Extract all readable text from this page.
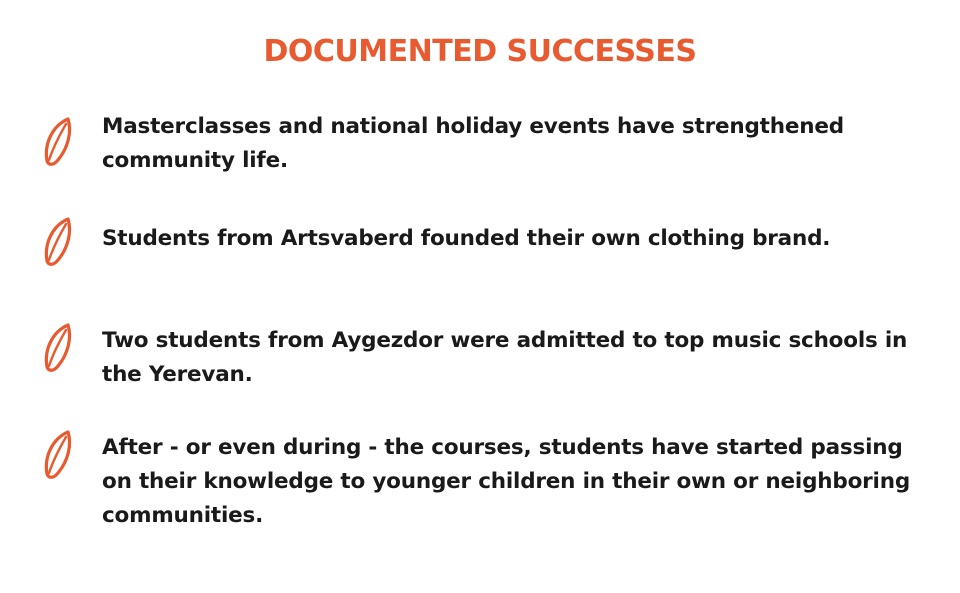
DOCUMENTED SUCCESSES
Masterclasses and national holiday events have strengthened community life.
Students from Artsvaberd founded their own clothing brand.
Two students from Aygezdor were admitted to top music schools in the Yerevan.
After - or even during - the courses, students have started passing on their knowledge to younger children in their own or neighboring communities.
